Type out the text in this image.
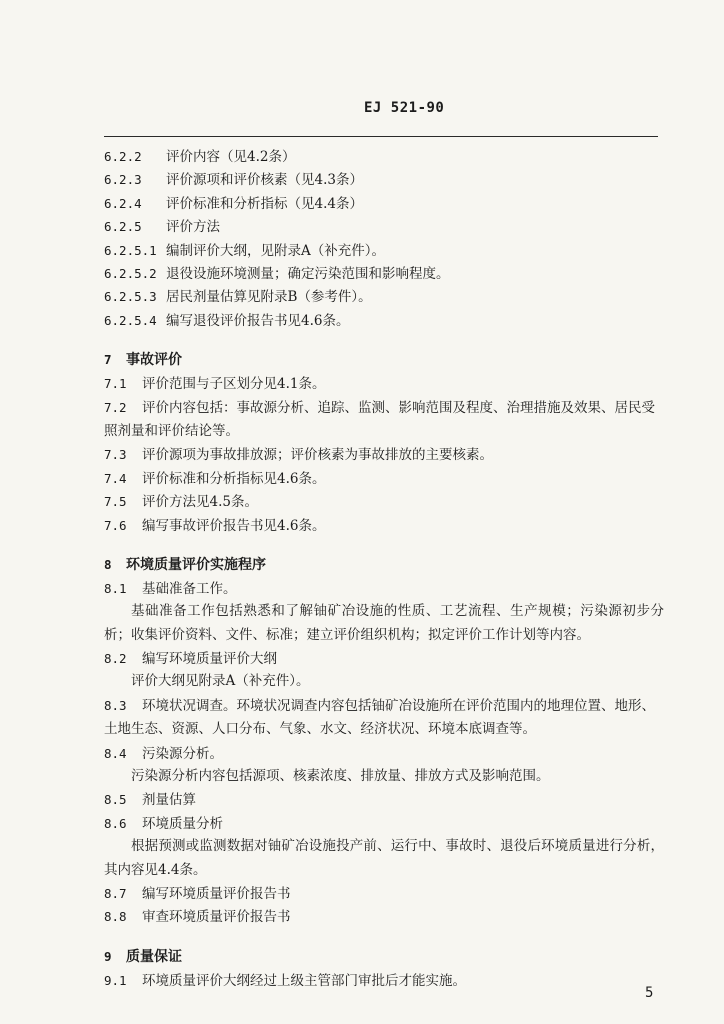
EJ 521-90
6.2.2 评价内容（见4.2条）
6.2.3 评价源项和评价核素（见4.3条）
6.2.4 评价标准和分析指标（见4.4条）
6.2.5 评价方法
6.2.5.1 编制评价大纲，见附录A（补充件）。
6.2.5.2 退役设施环境测量；确定污染范围和影响程度。
6.2.5.3 居民剂量估算见附录B（参考件）。
6.2.5.4 编写退役评价报告书见4.6条。
7 事故评价
7.1 评价范围与子区划分见4.1条。
7.2 评价内容包括：事故源分析、追踪、监测、影响范围及程度、治理措施及效果、居民受照剂量和评价结论等。
7.3 评价源项为事故排放源；评价核素为事故排放的主要核素。
7.4 评价标准和分析指标见4.6条。
7.5 评价方法见4.5条。
7.6 编写事故评价报告书见4.6条。
8 环境质量评价实施程序
8.1 基础准备工作。
基础准备工作包括熟悉和了解铀矿冶设施的性质、工艺流程、生产规模；污染源初步分析；收集评价资料、文件、标准；建立评价组织机构；拟定评价工作计划等内容。
8.2 编写环境质量评价大纲
评价大纲见附录A（补充件）。
8.3 环境状况调查。环境状况调查内容包括铀矿冶设施所在评价范围内的地理位置、地形、土地生态、资源、人口分布、气象、水文、经济状况、环境本底调查等。
8.4 污染源分析。
污染源分析内容包括源项、核素浓度、排放量、排放方式及影响范围。
8.5 剂量估算
8.6 环境质量分析
根据预测或监测数据对铀矿冶设施投产前、运行中、事故时、退役后环境质量进行分析，其内容见4.4条。
8.7 编写环境质量评价报告书
8.8 审查环境质量评价报告书
9 质量保证
9.1 环境质量评价大纲经过上级主管部门审批后才能实施。
5
